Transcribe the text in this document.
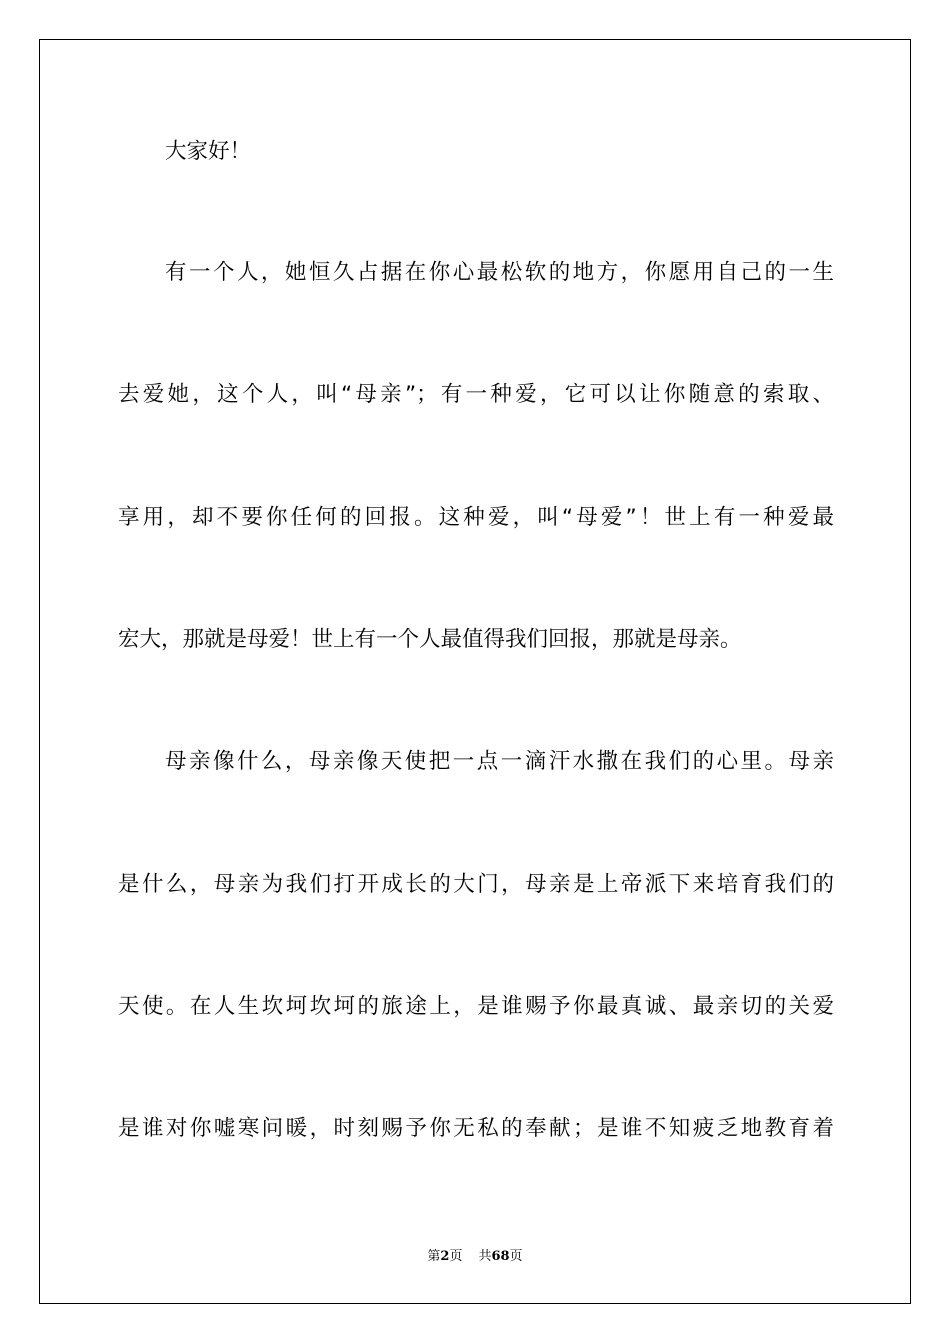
大家好！
有一个人，她恒久占据在你心最松软的地方，你愿用自己的一生
去爱她，这个人，叫“母亲”；有一种爱，它可以让你随意的索取、
享用，却不要你任何的回报。这种爱，叫“母爱”！世上有一种爱最
宏大，那就是母爱！世上有一个人最值得我们回报，那就是母亲。
母亲像什么，母亲像天使把一点一滴汗水撒在我们的心里。母亲
是什么，母亲为我们打开成长的大门，母亲是上帝派下来培育我们的
天使。在人生坎坷坎坷的旅途上，是谁赐予你最真诚、最亲切的关爱
是谁对你嘘寒问暖，时刻赐予你无私的奉献；是谁不知疲乏地教育着
第2页 共68页
